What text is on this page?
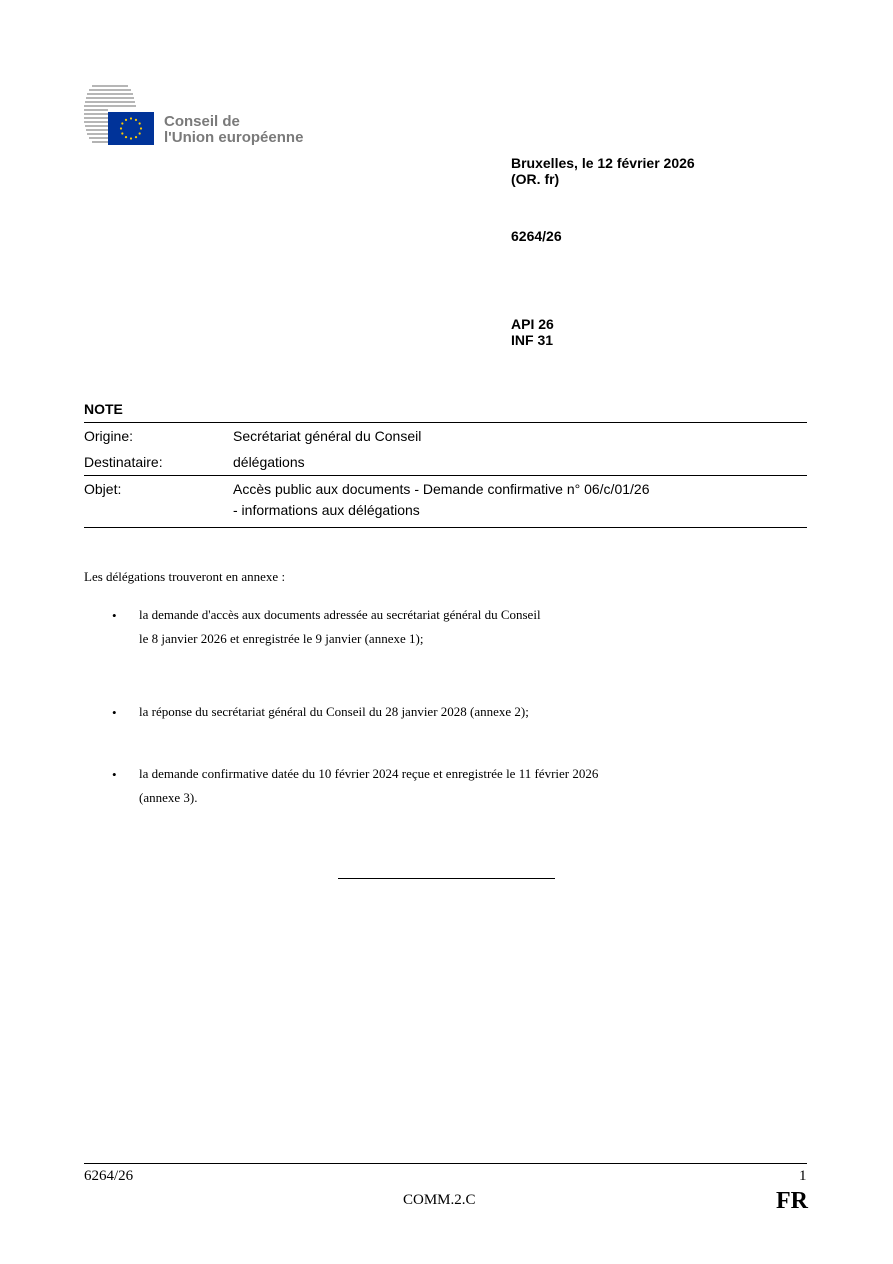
Conseil de
l'Union européenne
Bruxelles, le 12 février 2026
(OR. fr)
6264/26
API 26
INF 31
NOTE
Origine:	Secrétariat général du Conseil
Destinataire:	délégations
Objet:	Accès public aux documents - Demande confirmative n° 06/c/01/26
- informations aux délégations
Les délégations trouveront en annexe :
• la demande d'accès aux documents adressée au secrétariat général du Conseil
le 8 janvier 2026 et enregistrée le 9 janvier (annexe 1);
• la réponse du secrétariat général du Conseil du 28 janvier 2028 (annexe 2);
• la demande confirmative datée du 10 février 2024 reçue et enregistrée le 11 février 2026
(annexe 3).
6264/26	1
COMM.2.C	FR
